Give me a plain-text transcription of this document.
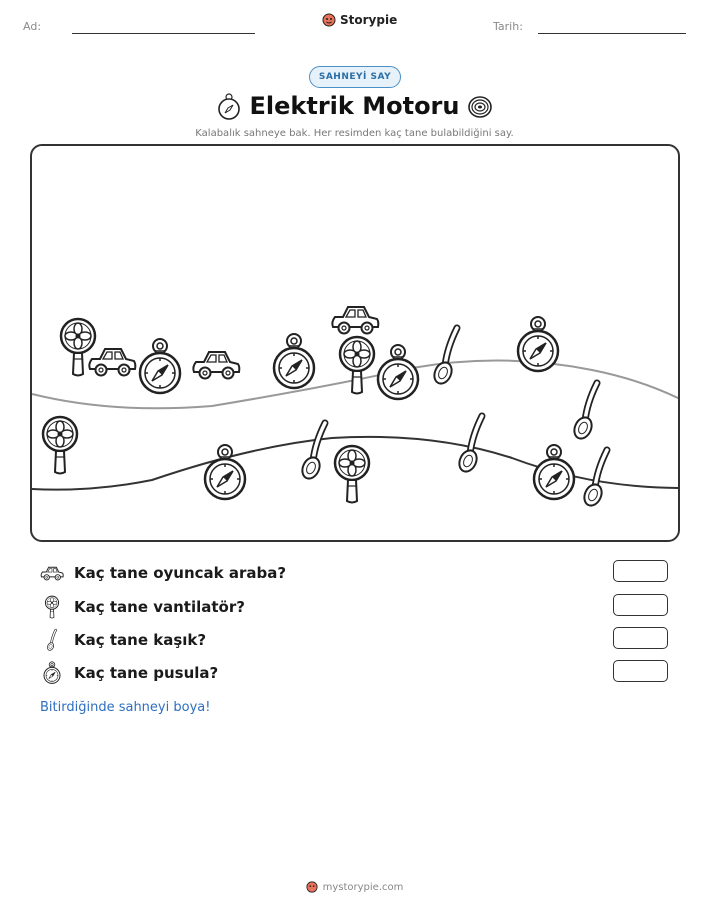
Ad:	Storypie	Tarih:
SAHNEYİ SAY
Elektrik Motoru
Kalabalık sahneye bak. Her resimden kaç tane bulabildiğini say.
Kaç tane oyuncak araba?
Kaç tane vantilatör?
Kaç tane kaşık?
Kaç tane pusula?
Bitirdiğinde sahneyi boya!
mystorypie.com
